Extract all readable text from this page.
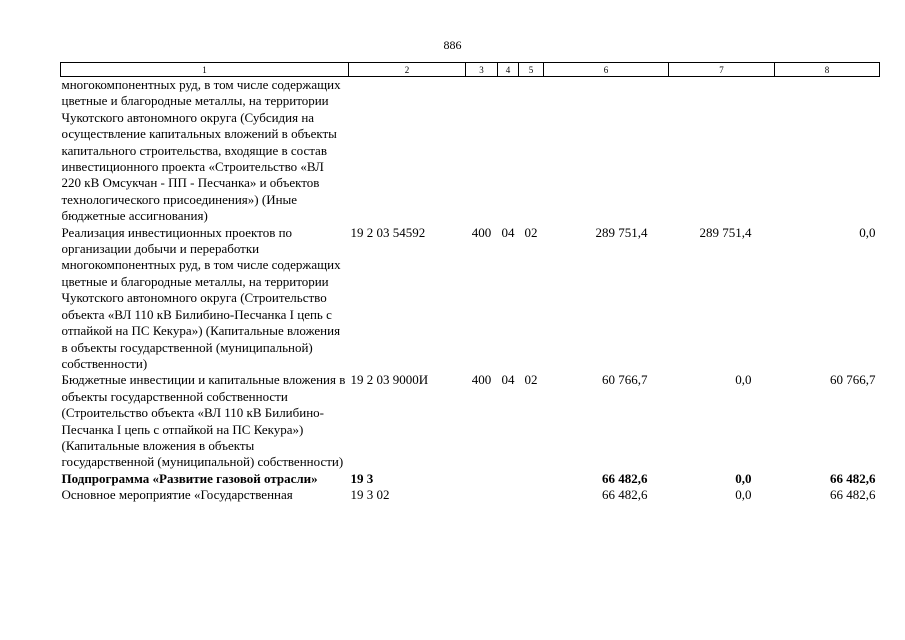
886
1	2	3	4	5	6	7	8
многокомпонентных руд, в том числе содержащих цветные и благородные металлы, на территории Чукотского автономного округа (Субсидия на осуществление капитальных вложений в объекты капитального строительства, входящие в состав инвестиционного проекта «Строительство «ВЛ 220 кВ Омсукчан - ПП - Песчанка» и объектов технологического присоединения») (Иные бюджетные ассигнования)							
Реализация инвестиционных проектов по организации добычи и переработки многокомпонентных руд, в том числе содержащих цветные и благородные металлы, на территории Чукотского автономного округа (Строительство объекта «ВЛ 110 кВ Билибино-Песчанка I цепь с отпайкой на ПС Кекура») (Капитальные вложения в объекты государственной (муниципальной) собственности)	19 2 03 54592	400	04	02	289 751,4	289 751,4	0,0
Бюджетные инвестиции и капитальные вложения в объекты государственной собственности (Строительство объекта «ВЛ 110 кВ Билибино-Песчанка I цепь с отпайкой на ПС Кекура») (Капитальные вложения в объекты государственной (муниципальной) собственности)	19 2 03 9000И	400	04	02	60 766,7	0,0	60 766,7
Подпрограмма «Развитие газовой отрасли»	19 3				66 482,6	0,0	66 482,6
Основное мероприятие «Государственная	19 3 02				66 482,6	0,0	66 482,6
